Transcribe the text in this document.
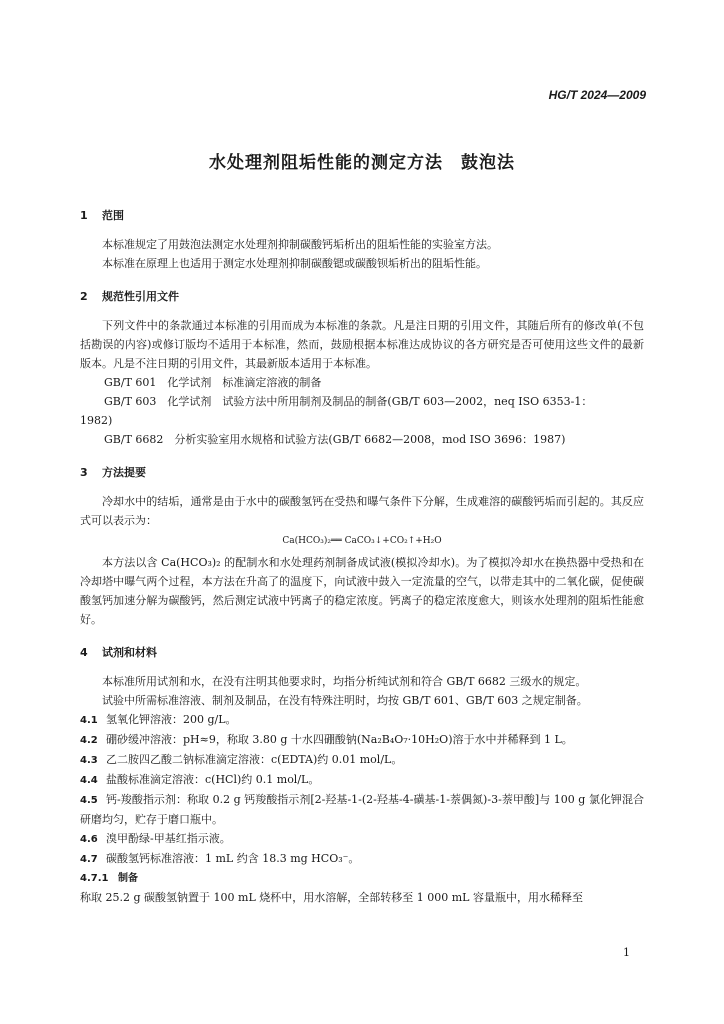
HG/T 2024—2009
水处理剂阻垢性能的测定方法　鼓泡法
1 范围

本标准规定了用鼓泡法测定水处理剂抑制碳酸钙垢析出的阻垢性能的实验室方法。

本标准在原理上也适用于测定水处理剂抑制碳酸锶或碳酸钡垢析出的阻垢性能。

2 规范性引用文件

下列文件中的条款通过本标准的引用而成为本标准的条款。凡是注日期的引用文件，其随后所有的修改单(不包括勘误的内容)或修订版均不适用于本标准，然而，鼓励根据本标准达成协议的各方研究是否可使用这些文件的最新版本。凡是不注日期的引用文件，其最新版本适用于本标准。

GB/T 601　化学试剂　标准滴定溶液的制备

GB/T 603　化学试剂　试验方法中所用制剂及制品的制备(GB/T 603—2002，neq ISO 6353-1：

1982)

GB/T 6682　分析实验室用水规格和试验方法(GB/T 6682—2008，mod ISO 3696：1987)

3 方法提要

冷却水中的结垢，通常是由于水中的碳酸氢钙在受热和曝气条件下分解，生成难溶的碳酸钙垢而引起的。其反应式可以表示为：

Ca(HCO₃)₂══ CaCO₃↓+CO₂↑+H₂O

本方法以含 Ca(HCO₃)₂ 的配制水和水处理药剂制备成试液(模拟冷却水)。为了模拟冷却水在换热器中受热和在冷却塔中曝气两个过程，本方法在升高了的温度下，向试液中鼓入一定流量的空气，以带走其中的二氧化碳，促使碳酸氢钙加速分解为碳酸钙，然后测定试液中钙离子的稳定浓度。钙离子的稳定浓度愈大，则该水处理剂的阻垢性能愈好。

4 试剂和材料

本标准所用试剂和水，在没有注明其他要求时，均指分析纯试剂和符合 GB/T 6682 三级水的规定。

试验中所需标准溶液、制剂及制品，在没有特殊注明时，均按 GB/T 601、GB/T 603 之规定制备。

4.1 氢氧化钾溶液：200 g/L。

4.2 硼砂缓冲溶液：pH≈9，称取 3.80 g 十水四硼酸钠(Na₂B₄O₇·10H₂O)溶于水中并稀释到 1 L。

4.3 乙二胺四乙酸二钠标准滴定溶液：c(EDTA)约 0.01 mol/L。

4.4 盐酸标准滴定溶液：c(HCl)约 0.1 mol/L。

4.5 钙-羧酸指示剂：称取 0.2 g 钙羧酸指示剂[2-羟基-1-(2-羟基-4-磺基-1-萘偶氮)-3-萘甲酸]与 100 g 氯化钾混合研磨均匀，贮存于磨口瓶中。

4.6 溴甲酚绿-甲基红指示液。

4.7 碳酸氢钙标准溶液：1 mL 约含 18.3 mg HCO₃⁻。

4.7.1 制备

称取 25.2 g 碳酸氢钠置于 100 mL 烧杯中，用水溶解，全部转移至 1 000 mL 容量瓶中，用水稀释至

1
